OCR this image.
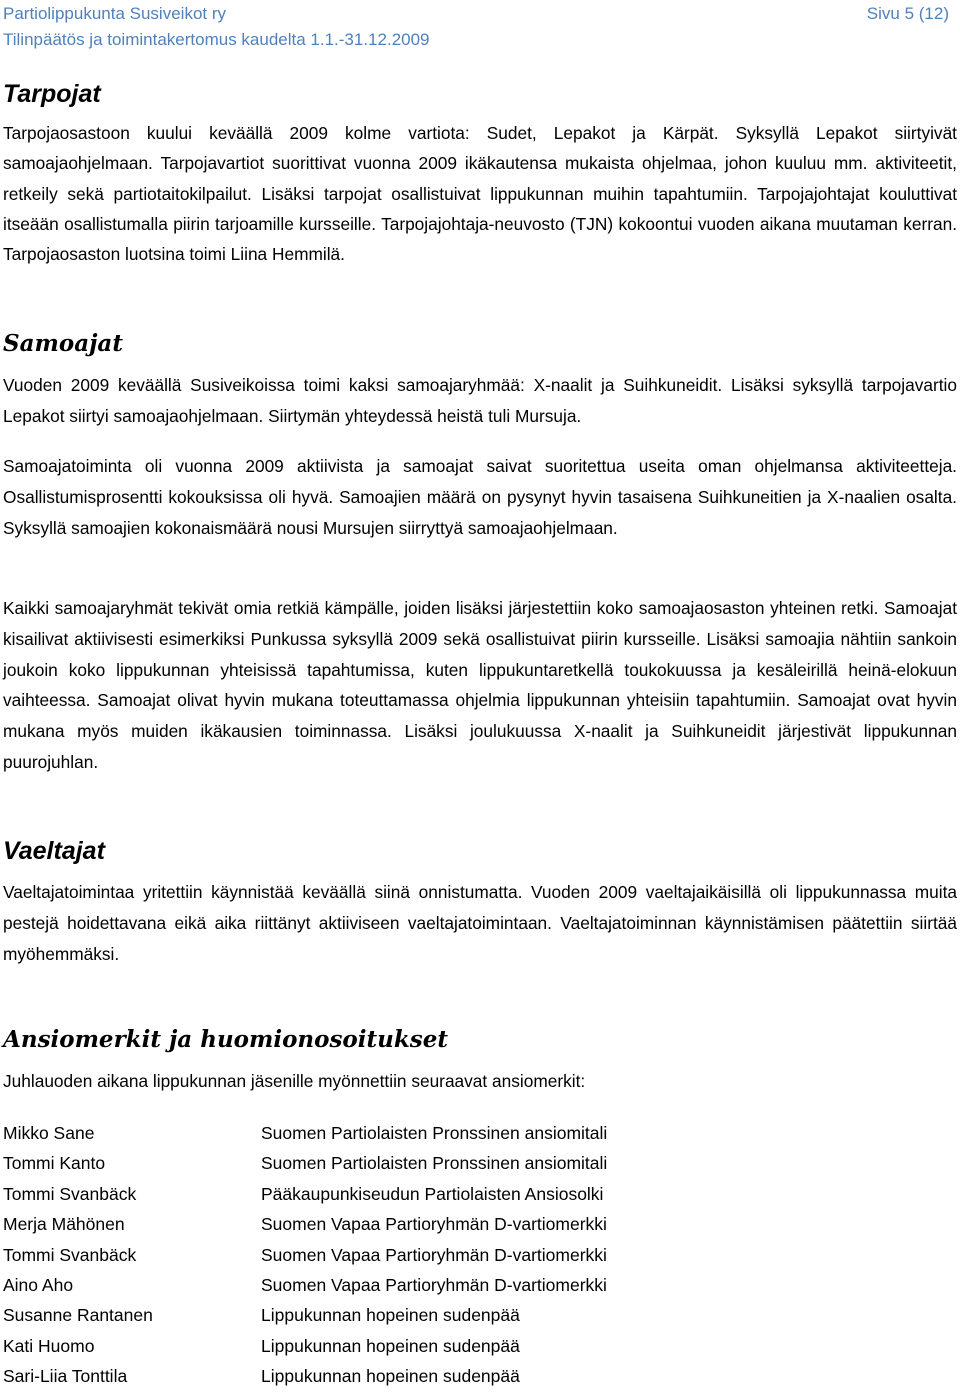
Partiolippukunta Susiveikot ry
Tilinpäätös ja toimintakertomus kaudelta 1.1.-31.12.2009
Sivu 5 (12)
Tarpojat
Tarpojaosastoon kuului keväällä 2009 kolme vartiota: Sudet, Lepakot ja Kärpät. Syksyllä Lepakot siirtyivät samoajaohjelmaan. Tarpojavartiot suorittivat vuonna 2009 ikäkautensa mukaista ohjelmaa, johon kuuluu mm. aktiviteetit, retkeily sekä partiotaitokilpailut. Lisäksi tarpojat osallistuivat lippukunnan muihin tapahtumiin. Tarpojajohtajat kouluttivat itseään osallistumalla piirin tarjoamille kursseille. Tarpojajohtaja-neuvosto (TJN) kokoontui vuoden aikana muutaman kerran. Tarpojaosaston luotsina toimi Liina Hemmilä.
Samoajat
Vuoden 2009 keväällä Susiveikoissa toimi kaksi samoajaryhmää: X-naalit ja Suihkuneidit. Lisäksi syksyllä tarpojavartio Lepakot siirtyi samoajaohjelmaan. Siirtymän yhteydessä heistä tuli Mursuja.
Samoajatoiminta oli vuonna 2009 aktiivista ja samoajat saivat suoritettua useita oman ohjelmansa aktiviteetteja. Osallistumisprosentti kokouksissa oli hyvä. Samoajien määrä on pysynyt hyvin tasaisena Suihkuneitien ja X-naalien osalta. Syksyllä samoajien kokonaismäärä nousi Mursujen siirryttyä samoajaohjelmaan.
Kaikki samoajaryhmät tekivät omia retkiä kämpälle, joiden lisäksi järjestettiin koko samoajaosaston yhteinen retki. Samoajat kisailivat aktiivisesti esimerkiksi Punkussa syksyllä 2009 sekä osallistuivat piirin kursseille. Lisäksi samoajia nähtiin sankoin joukoin koko lippukunnan yhteisissä tapahtumissa, kuten lippukuntaretkellä toukokuussa ja kesäleirillä heinä-elokuun vaihteessa. Samoajat olivat hyvin mukana toteuttamassa ohjelmia lippukunnan yhteisiin tapahtumiin. Samoajat ovat hyvin mukana myös muiden ikäkausien toiminnassa. Lisäksi joulukuussa X-naalit ja Suihkuneidit järjestivät lippukunnan puurojuhlan.
Vaeltajat
Vaeltajatoimintaa yritettiin käynnistää keväällä siinä onnistumatta. Vuoden 2009 vaeltajaikäisillä oli lippukunnassa muita pestejä hoidettavana eikä aika riittänyt aktiiviseen vaeltajatoimintaan. Vaeltajatoiminnan käynnistämisen päätettiin siirtää myöhemmäksi.
Ansiomerkit ja huomionosoitukset
Juhlauoden aikana lippukunnan jäsenille myönnettiin seuraavat ansiomerkit:
Mikko Sane	Suomen Partiolaisten Pronssinen ansiomitali
Tommi Kanto	Suomen Partiolaisten Pronssinen ansiomitali
Tommi Svanbäck	Pääkaupunkiseudun Partiolaisten Ansiosolki
Merja Mähönen	Suomen Vapaa Partioryhmän D-vartiomerkki
Tommi Svanbäck	Suomen Vapaa Partioryhmän D-vartiomerkki
Aino Aho	Suomen Vapaa Partioryhmän D-vartiomerkki
Susanne Rantanen	Lippukunnan hopeinen sudenpää
Kati Huomo	Lippukunnan hopeinen sudenpää
Sari-Liia Tonttila	Lippukunnan hopeinen sudenpää
